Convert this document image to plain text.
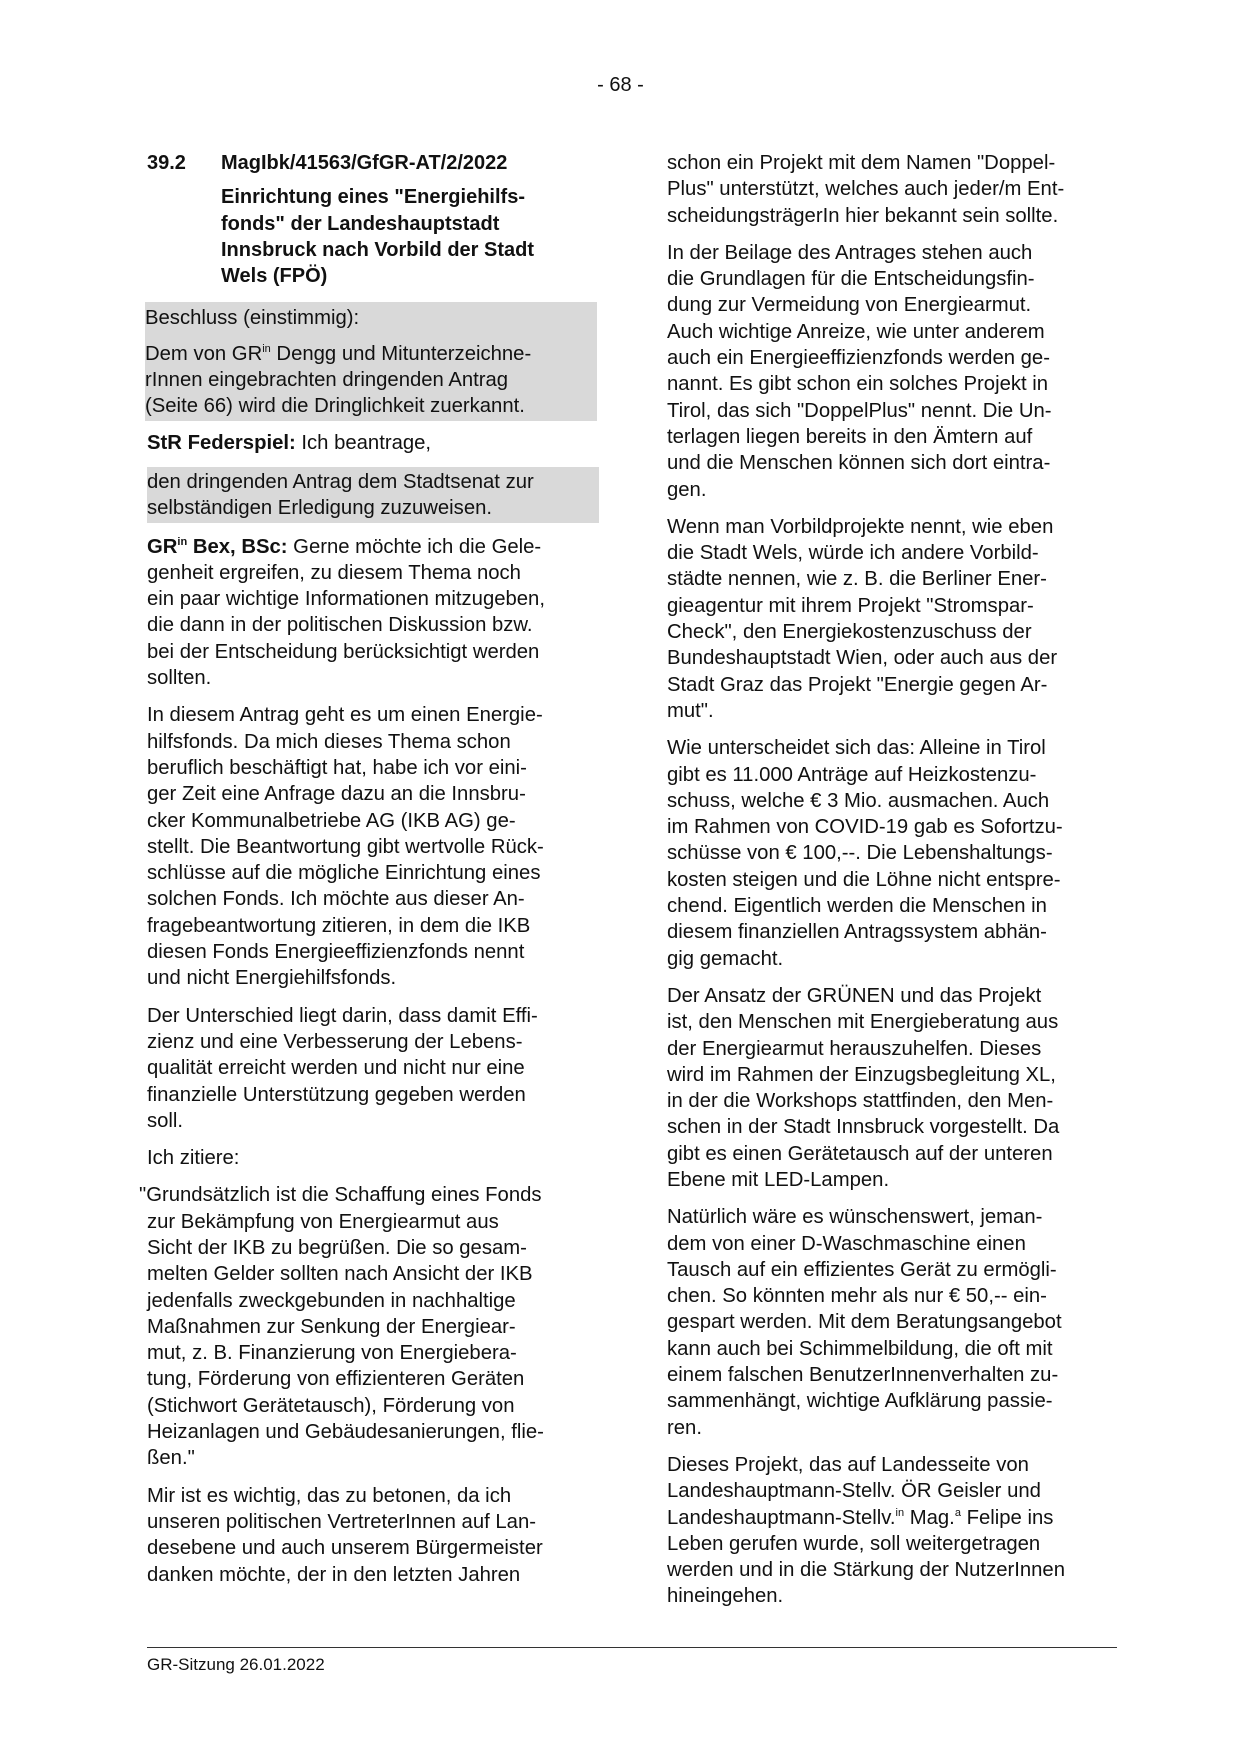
- 68 -
39.2	MagIbk/41563/GfGR-AT/2/2022
Einrichtung eines "Energiehilfs-
fonds" der Landeshauptstadt
Innsbruck nach Vorbild der Stadt
Wels (FPÖ)

Beschluss (einstimmig):

Dem von $GR^{in}$ Dengg und Mitunterzeichne-
rInnen eingebrachten dringenden Antrag
(Seite 66) wird die Dringlichkeit zuerkannt.

StR Federspiel: Ich beantrage,

den dringenden Antrag dem Stadtsenat zur
selbständigen Erledigung zuzuweisen.

$GR^{in}$ Bex, BSc: Gerne möchte ich die Gele-
genheit ergreifen, zu diesem Thema noch
ein paar wichtige Informationen mitzugeben,
die dann in der politischen Diskussion bzw.
bei der Entscheidung berücksichtigt werden
sollten.

In diesem Antrag geht es um einen Energie-
hilfsfonds. Da mich dieses Thema schon
beruflich beschäftigt hat, habe ich vor eini-
ger Zeit eine Anfrage dazu an die Innsbru-
cker Kommunalbetriebe AG (IKB AG) ge-
stellt. Die Beantwortung gibt wertvolle Rück-
schlüsse auf die mögliche Einrichtung eines
solchen Fonds. Ich möchte aus dieser An-
fragebeantwortung zitieren, in dem die IKB
diesen Fonds Energieeffizienzfonds nennt
und nicht Energiehilfsfonds.

Der Unterschied liegt darin, dass damit Effi-
zienz und eine Verbesserung der Lebens-
qualität erreicht werden und nicht nur eine
finanzielle Unterstützung gegeben werden
soll.

Ich zitiere:

"Grundsätzlich ist die Schaffung eines Fonds
zur Bekämpfung von Energiearmut aus
Sicht der IKB zu begrüßen. Die so gesam-
melten Gelder sollten nach Ansicht der IKB
jedenfalls zweckgebunden in nachhaltige
Maßnahmen zur Senkung der Energiear-
mut, z. B. Finanzierung von Energiebera-
tung, Förderung von effizienteren Geräten
(Stichwort Gerätetausch), Förderung von
Heizanlagen und Gebäudesanierungen, flie-
ßen."

Mir ist es wichtig, das zu betonen, da ich
unseren politischen VertreterInnen auf Lan-
desebene und auch unserem Bürgermeister
danken möchte, der in den letzten Jahren

schon ein Projekt mit dem Namen "Doppel-
Plus" unterstützt, welches auch jeder/m Ent-
scheidungsträgerIn hier bekannt sein sollte.

In der Beilage des Antrages stehen auch
die Grundlagen für die Entscheidungsfin-
dung zur Vermeidung von Energiearmut.
Auch wichtige Anreize, wie unter anderem
auch ein Energieeffizienzfonds werden ge-
nannt. Es gibt schon ein solches Projekt in
Tirol, das sich "DoppelPlus" nennt. Die Un-
terlagen liegen bereits in den Ämtern auf
und die Menschen können sich dort eintra-
gen.

Wenn man Vorbildprojekte nennt, wie eben
die Stadt Wels, würde ich andere Vorbild-
städte nennen, wie z. B. die Berliner Ener-
gieagentur mit ihrem Projekt "Stromspar-
Check", den Energiekostenzuschuss der
Bundeshauptstadt Wien, oder auch aus der
Stadt Graz das Projekt "Energie gegen Ar-
mut".

Wie unterscheidet sich das: Alleine in Tirol
gibt es 11.000 Anträge auf Heizkostenzu-
schuss, welche € 3 Mio. ausmachen. Auch
im Rahmen von COVID-19 gab es Sofortzu-
schüsse von € 100,--. Die Lebenshaltungs-
kosten steigen und die Löhne nicht entspre-
chend. Eigentlich werden die Menschen in
diesem finanziellen Antragssystem abhän-
gig gemacht.

Der Ansatz der GRÜNEN und das Projekt
ist, den Menschen mit Energieberatung aus
der Energiearmut herauszuhelfen. Dieses
wird im Rahmen der Einzugsbegleitung XL,
in der die Workshops stattfinden, den Men-
schen in der Stadt Innsbruck vorgestellt. Da
gibt es einen Gerätetausch auf der unteren
Ebene mit LED-Lampen.

Natürlich wäre es wünschenswert, jeman-
dem von einer D-Waschmaschine einen
Tausch auf ein effizientes Gerät zu ermögli-
chen. So könnten mehr als nur € 50,-- ein-
gespart werden. Mit dem Beratungsangebot
kann auch bei Schimmelbildung, die oft mit
einem falschen BenutzerInnenverhalten zu-
sammenhängt, wichtige Aufklärung passie-
ren.

Dieses Projekt, das auf Landesseite von
Landeshauptmann-Stellv. ÖR Geisler und
Landeshauptmann-Stellv.$^{in}$ Mag.$^a$ Felipe ins
Leben gerufen wurde, soll weitergetragen
werden und in die Stärkung der NutzerInnen
hineingehen.

GR-Sitzung 26.01.2022
